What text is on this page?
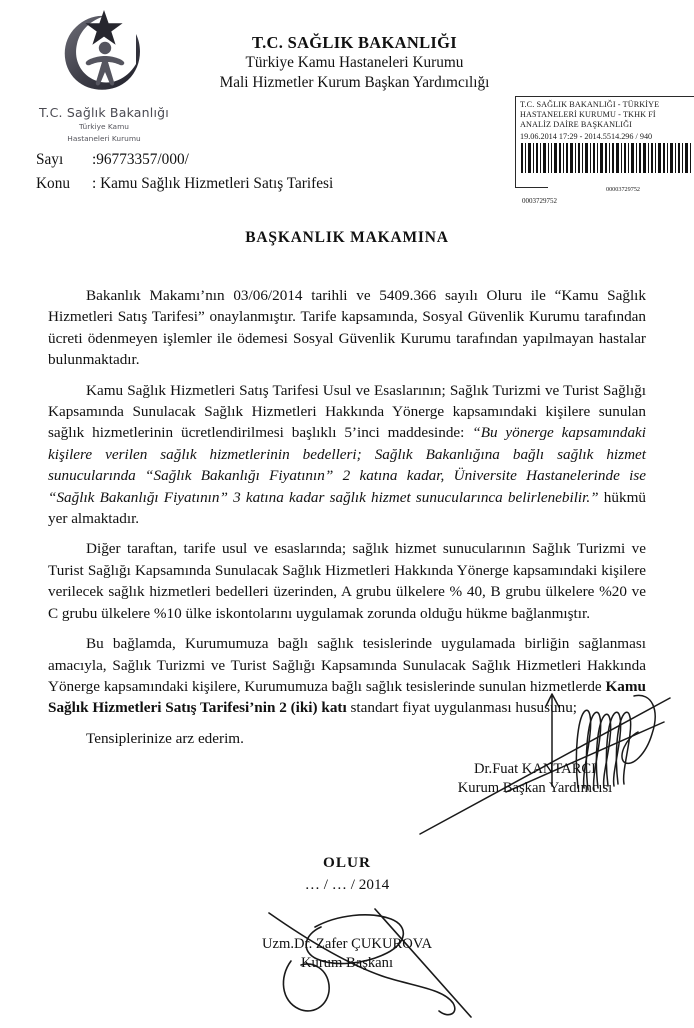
T.C. Sağlık Bakanlığı
Türkiye Kamu
Hastaneleri Kurumu
T.C. SAĞLIK BAKANLIĞI
Türkiye Kamu Hastaneleri Kurumu
Mali Hizmetler Kurum Başkan Yardımcılığı
T.C. SAĞLIK BAKANLIĞI - TÜRKİYE
HASTANELERİ KURUMU - TKHK Fİ
ANALİZ DAİRE BAŞKANLIĞI
19.06.2014 17:29 - 2014.5514.296 / 940
00003729752
0003729752
Sayı :96773357/000/
Konu : Kamu Sağlık Hizmetleri Satış Tarifesi
BAŞKANLIK MAKAMINA

Bakanlık Makamı’nın 03/06/2014 tarihli ve 5409.366 sayılı Oluru ile “Kamu Sağlık Hizmetleri Satış Tarifesi” onaylanmıştır. Tarife kapsamında, Sosyal Güvenlik Kurumu tarafından ücreti ödenmeyen işlemler ile ödemesi Sosyal Güvenlik Kurumu tarafından yapılmayan hastalar bulunmaktadır.

Kamu Sağlık Hizmetleri Satış Tarifesi Usul ve Esaslarının; Sağlık Turizmi ve Turist Sağlığı Kapsamında Sunulacak Sağlık Hizmetleri Hakkında Yönerge kapsamındaki kişilere sunulan sağlık hizmetlerinin ücretlendirilmesi başlıklı 5’inci maddesinde: “Bu yönerge kapsamındaki kişilere verilen sağlık hizmetlerinin bedelleri; Sağlık Bakanlığına bağlı sağlık hizmet sunucularında “Sağlık Bakanlığı Fiyatının” 2 katına kadar, Üniversite Hastanelerinde ise “Sağlık Bakanlığı Fiyatının” 3 katına kadar sağlık hizmet sunucularınca belirlenebilir.” hükmü yer almaktadır.

Diğer taraftan, tarife usul ve esaslarında; sağlık hizmet sunucularının Sağlık Turizmi ve Turist Sağlığı Kapsamında Sunulacak Sağlık Hizmetleri Hakkında Yönerge kapsamındaki kişilere verilecek sağlık hizmetleri bedelleri üzerinden, A grubu ülkelere % 40, B grubu ülkelere %20 ve C grubu ülkelere %10 ülke iskontolarını uygulamak zorunda olduğu hükme bağlanmıştır.

Bu bağlamda, Kurumumuza bağlı sağlık tesislerinde uygulamada birliğin sağlanması amacıyla, Sağlık Turizmi ve Turist Sağlığı Kapsamında Sunulacak Sağlık Hizmetleri Hakkında Yönerge kapsamındaki kişilere, Kurumumuza bağlı sağlık tesislerinde sunulan hizmetlerde Kamu Sağlık Hizmetleri Satış Tarifesi’nin 2 (iki) katı standart fiyat uygulanması hususunu;

Tensiplerinize arz ederim.

Dr.Fuat KANTARCI
Kurum Başkan Yardımcısı
OLUR
… / … / 2014
Uzm.Dr. Zafer ÇUKUROVA
Kurum Başkanı
